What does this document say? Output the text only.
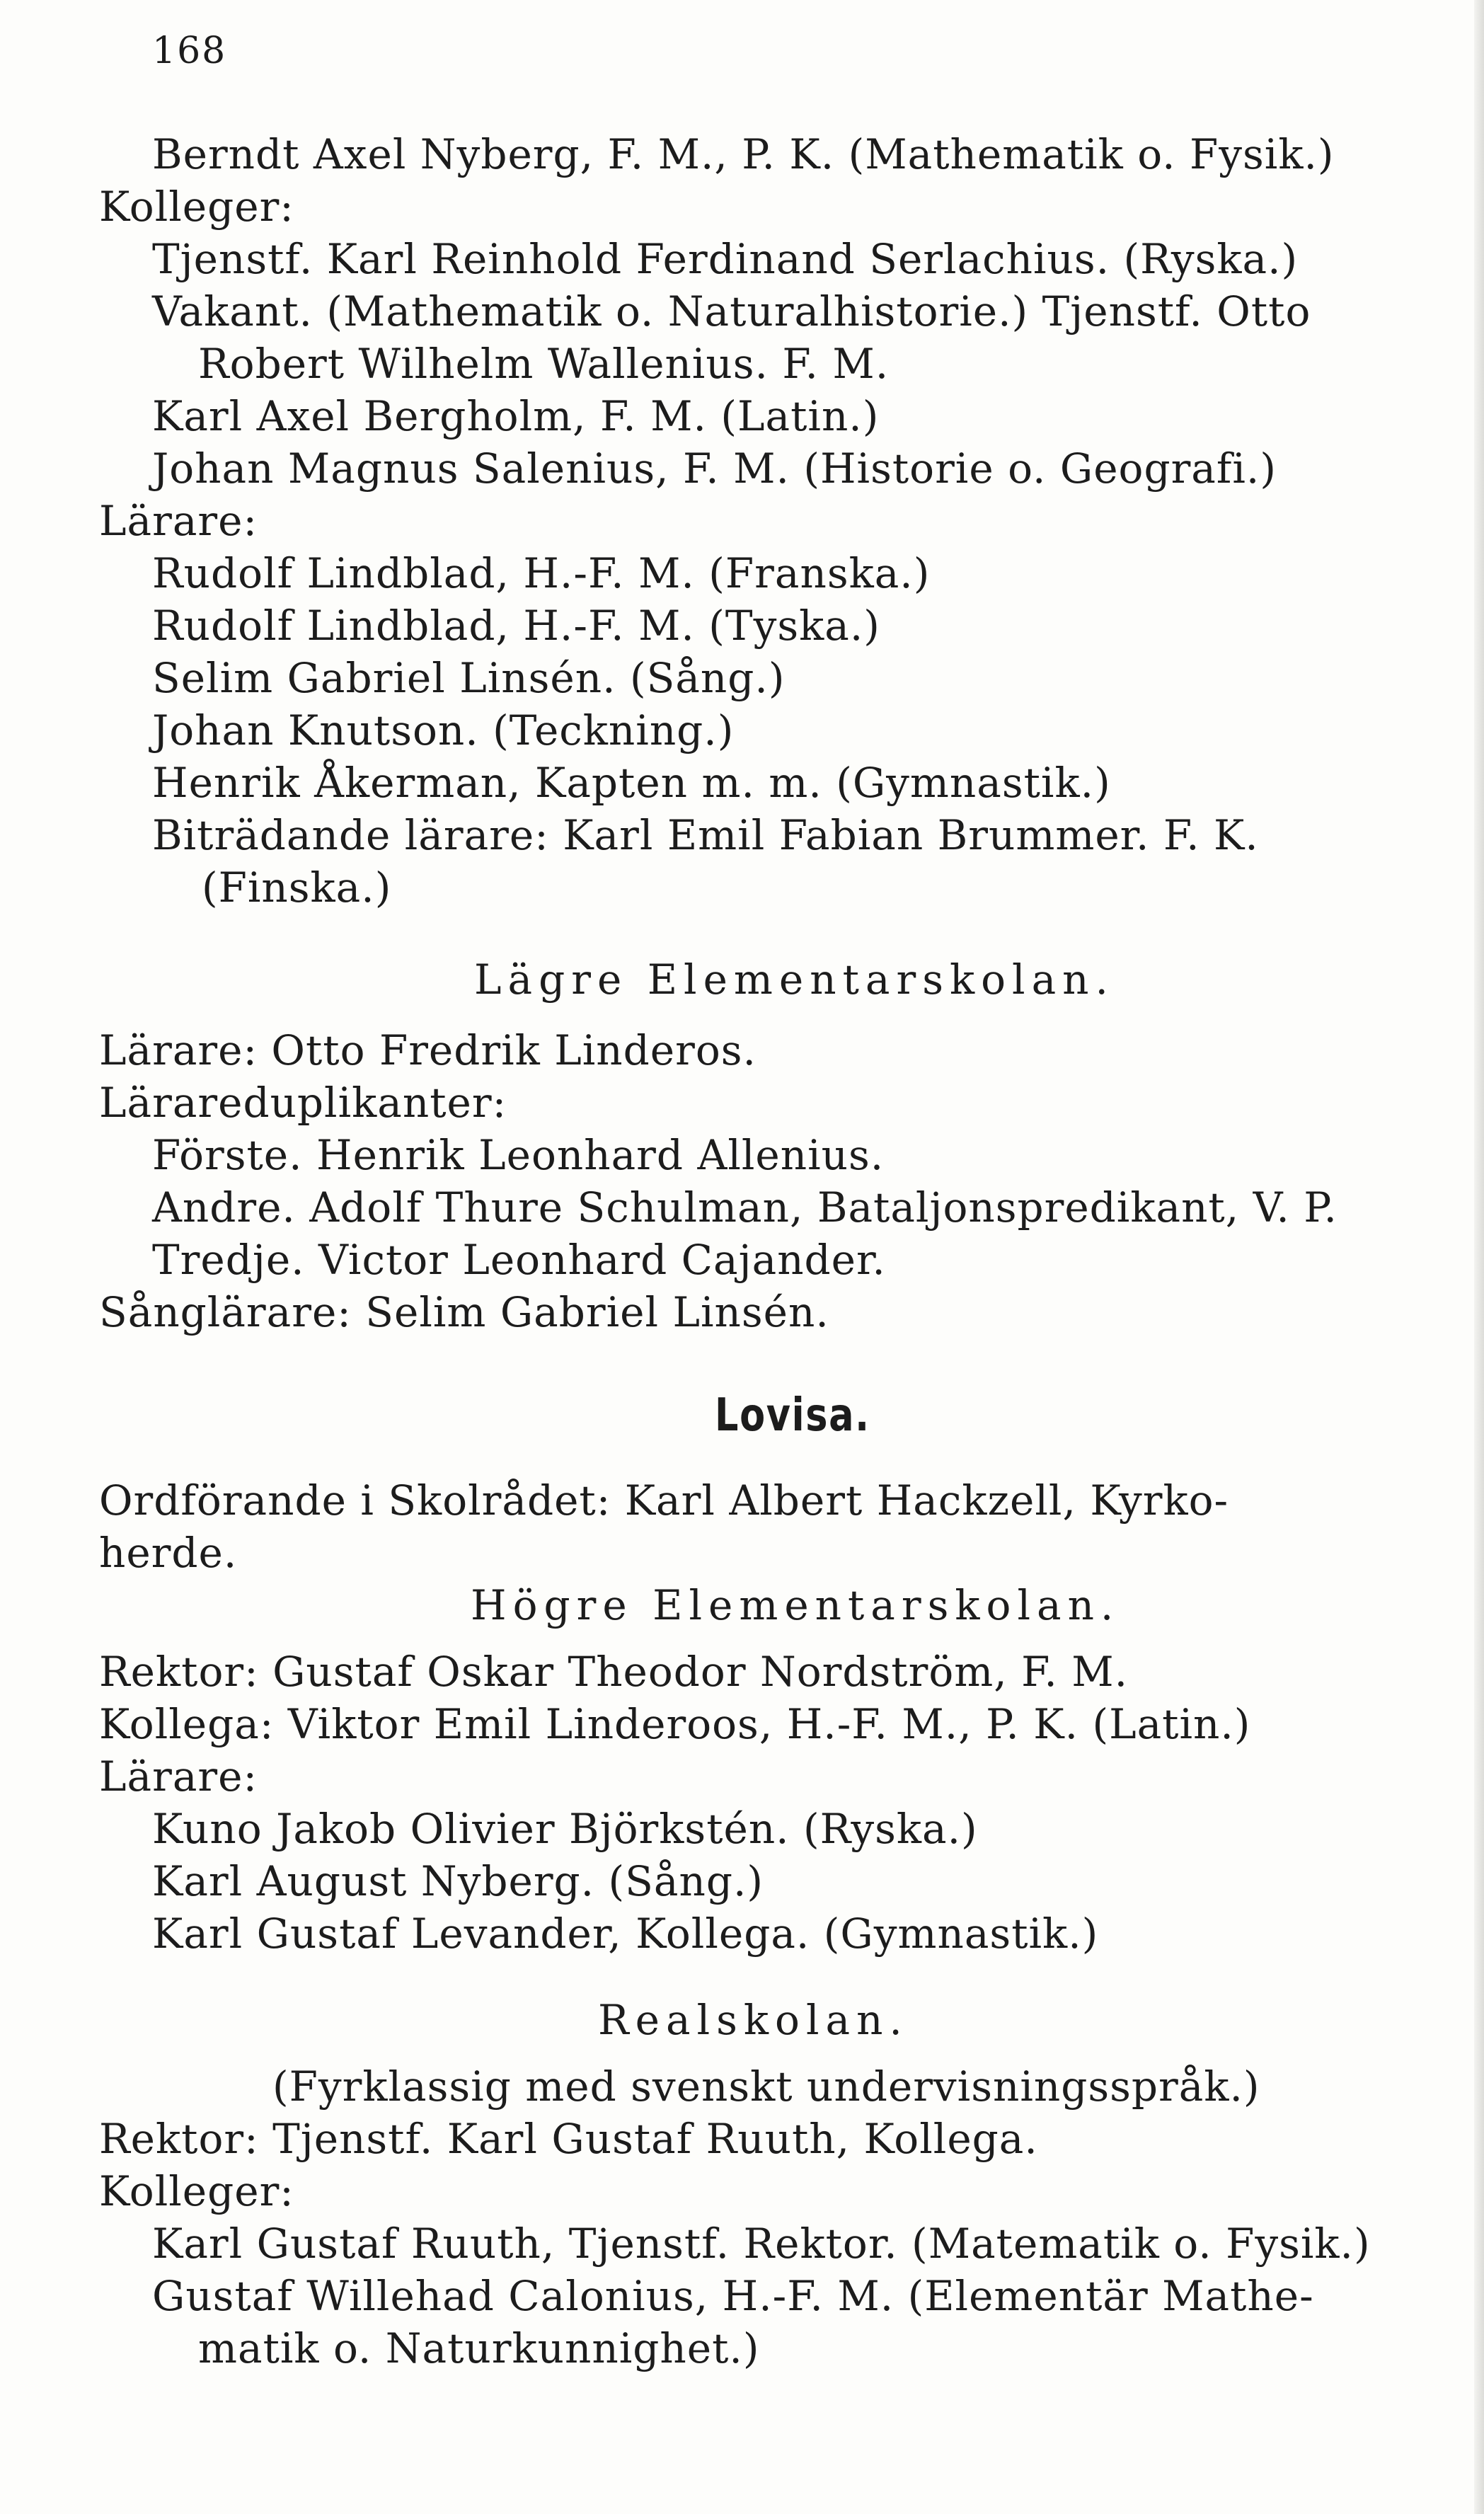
168
Berndt Axel Nyberg, F. M., P. K. (Mathematik o. Fysik.)
Kolleger:
Tjenstf. Karl Reinhold Ferdinand Serlachius. (Ryska.)
Vakant. (Mathematik o. Naturalhistorie.) Tjenstf. Otto
Robert Wilhelm Wallenius. F. M.
Karl Axel Bergholm, F. M. (Latin.)
Johan Magnus Salenius, F. M. (Historie o. Geografi.)
Lärare:
Rudolf Lindblad, H.-F. M. (Franska.)
Rudolf Lindblad, H.-F. M. (Tyska.)
Selim Gabriel Linsén. (Sång.)
Johan Knutson. (Teckning.)
Henrik Åkerman, Kapten m. m. (Gymnastik.)
Biträdande lärare: Karl Emil Fabian Brummer. F. K.
(Finska.)
Lägre Elementarskolan.
Lärare: Otto Fredrik Linderos.
Lärareduplikanter:
Förste. Henrik Leonhard Allenius.
Andre. Adolf Thure Schulman, Bataljonspredikant, V. P.
Tredje. Victor Leonhard Cajander.
Sånglärare: Selim Gabriel Linsén.
Lovisa.
Ordförande i Skolrådet: Karl Albert Hackzell, Kyrko-
herde.
Högre Elementarskolan.
Rektor: Gustaf Oskar Theodor Nordström, F. M.
Kollega: Viktor Emil Linderoos, H.-F. M., P. K. (Latin.)
Lärare:
Kuno Jakob Olivier Björkstén. (Ryska.)
Karl August Nyberg. (Sång.)
Karl Gustaf Levander, Kollega. (Gymnastik.)
Realskolan.
(Fyrklassig med svenskt undervisningsspråk.)
Rektor: Tjenstf. Karl Gustaf Ruuth, Kollega.
Kolleger:
Karl Gustaf Ruuth, Tjenstf. Rektor. (Matematik o. Fysik.)
Gustaf Willehad Calonius, H.-F. M. (Elementär Mathe-
matik o. Naturkunnighet.)
